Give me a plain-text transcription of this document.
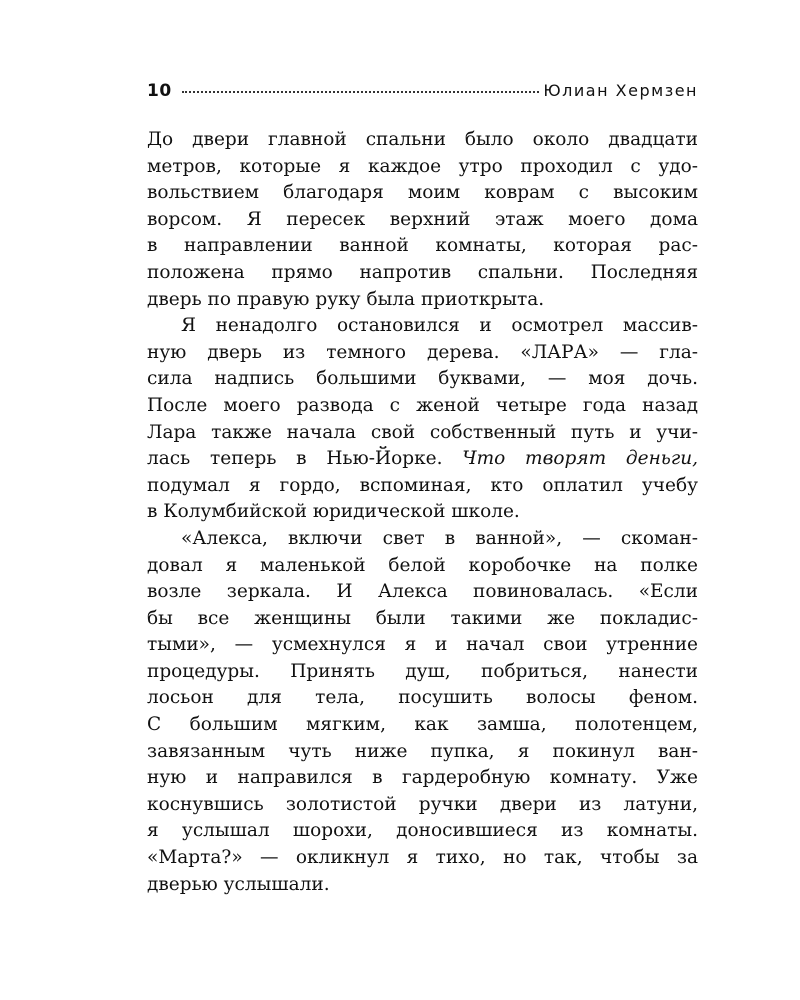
10	Юлиан Хермзен
До двери главной спальни было около двадцати
метров, которые я каждое утро проходил с удо-
вольствием благодаря моим коврам с высоким
ворсом. Я пересек верхний этаж моего дома
в направлении ванной комнаты, которая рас-
положена прямо напротив спальни. Последняя
дверь по правую руку была приоткрыта.
Я ненадолго остановился и осмотрел массив-
ную дверь из темного дерева. «ЛАРА» — гла-
сила надпись большими буквами, — моя дочь.
После моего развода с женой четыре года назад
Лара также начала свой собственный путь и учи-
лась теперь в Нью-Йорке. Что творят деньги,
подумал я гордо, вспоминая, кто оплатил учебу
в Колумбийской юридической школе.
«Алекса, включи свет в ванной», — скоман-
довал я маленькой белой коробочке на полке
возле зеркала. И Алекса повиновалась. «Если
бы все женщины были такими же покладис-
тыми», — усмехнулся я и начал свои утренние
процедуры. Принять душ, побриться, нанести
лосьон для тела, посушить волосы феном.
С большим мягким, как замша, полотенцем,
завязанным чуть ниже пупка, я покинул ван-
ную и направился в гардеробную комнату. Уже
коснувшись золотистой ручки двери из латуни,
я услышал шорохи, доносившиеся из комнаты.
«Марта?» — окликнул я тихо, но так, чтобы за
дверью услышали.
